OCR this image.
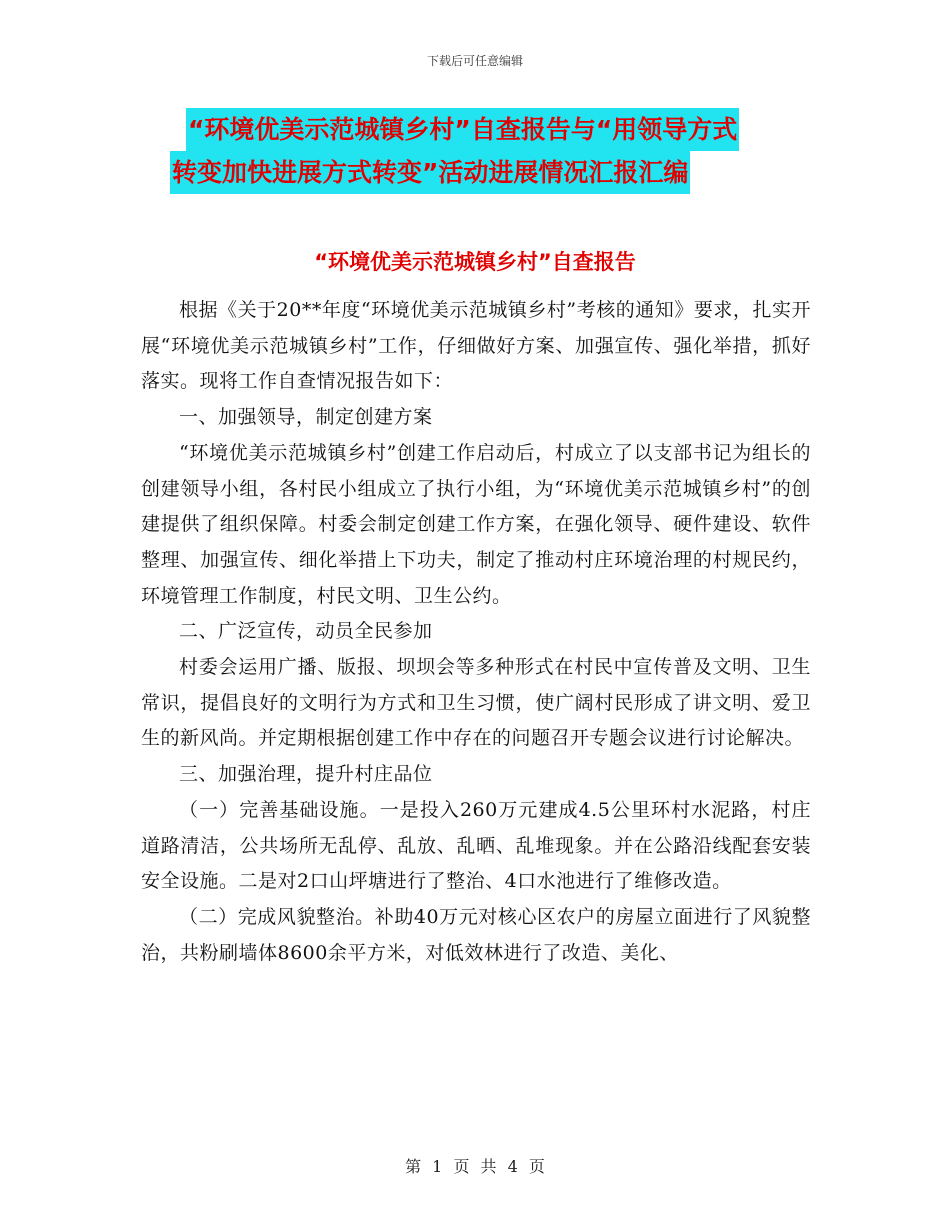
下载后可任意编辑
“环境优美示范城镇乡村”自查报告与“用领导方式
转变加快进展方式转变”活动进展情况汇报汇编
“环境优美示范城镇乡村”自查报告

根据《关于20**年度“环境优美示范城镇乡村”考核的通知》要求，扎实开展“环境优美示范城镇乡村”工作，仔细做好方案、加强宣传、强化举措，抓好落实。现将工作自查情况报告如下：

一、加强领导，制定创建方案

“环境优美示范城镇乡村”创建工作启动后，村成立了以支部书记为组长的创建领导小组，各村民小组成立了执行小组，为“环境优美示范城镇乡村”的创建提供了组织保障。村委会制定创建工作方案，在强化领导、硬件建设、软件整理、加强宣传、细化举措上下功夫，制定了推动村庄环境治理的村规民约，环境管理工作制度，村民文明、卫生公约。

二、广泛宣传，动员全民参加

村委会运用广播、版报、坝坝会等多种形式在村民中宣传普及文明、卫生常识，提倡良好的文明行为方式和卫生习惯，使广阔村民形成了讲文明、爱卫生的新风尚。并定期根据创建工作中存在的问题召开专题会议进行讨论解决。

三、加强治理，提升村庄品位

（一）完善基础设施。一是投入260万元建成4.5公里环村水泥路，村庄道路清洁，公共场所无乱停、乱放、乱晒、乱堆现象。并在公路沿线配套安装安全设施。二是对2口山坪塘进行了整治、4口水池进行了维修改造。

（二）完成风貌整治。补助40万元对核心区农户的房屋立面进行了风貌整治，共粉刷墙体8600余平方米，对低效林进行了改造、美化、

第 1 页 共 4 页
